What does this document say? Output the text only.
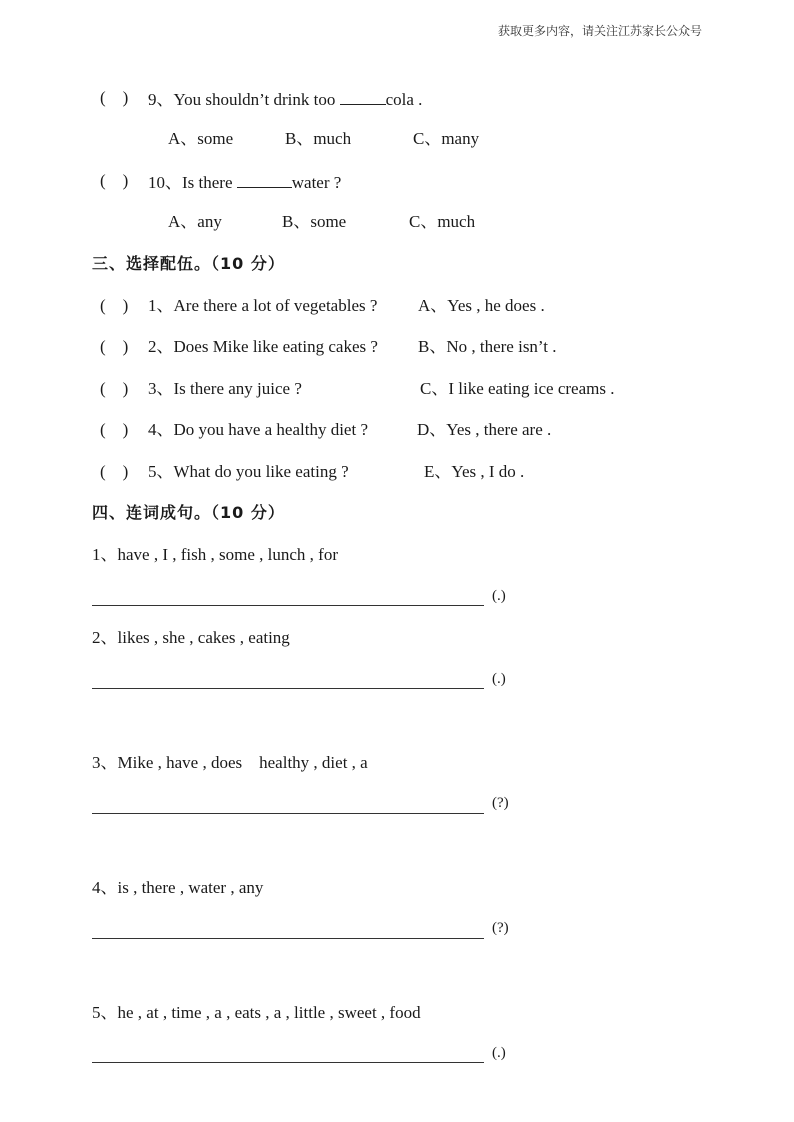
获取更多内容，请关注江苏家长公众号
(　) 9、You shouldn’t drink too	cola .
A、some	B、much	C、many
(　) 10、Is there	water ?
A、any	B、some	C、much
三、选择配伍。（10 分）
(　) 1、Are there a lot of vegetables ? A、Yes , he does .
(　) 2、Does Mike like eating cakes ? B、No , there isn’t .
(　) 3、Is there any juice ?	C、I like eating ice creams .
(　) 4、Do you have a healthy diet ?	D、Yes , there are .
(　) 5、What do you like eating ?	E、Yes , I do .
四、连词成句。（10 分）
1、have , I , fish , some , lunch , for
(.)
2、likes , she , cakes , eating
(.)
3、Mike , have , does　healthy , diet , a
(?)
4、is , there , water , any
(?)
5、he , at , time , a , eats , a , little , sweet , food
(.)
